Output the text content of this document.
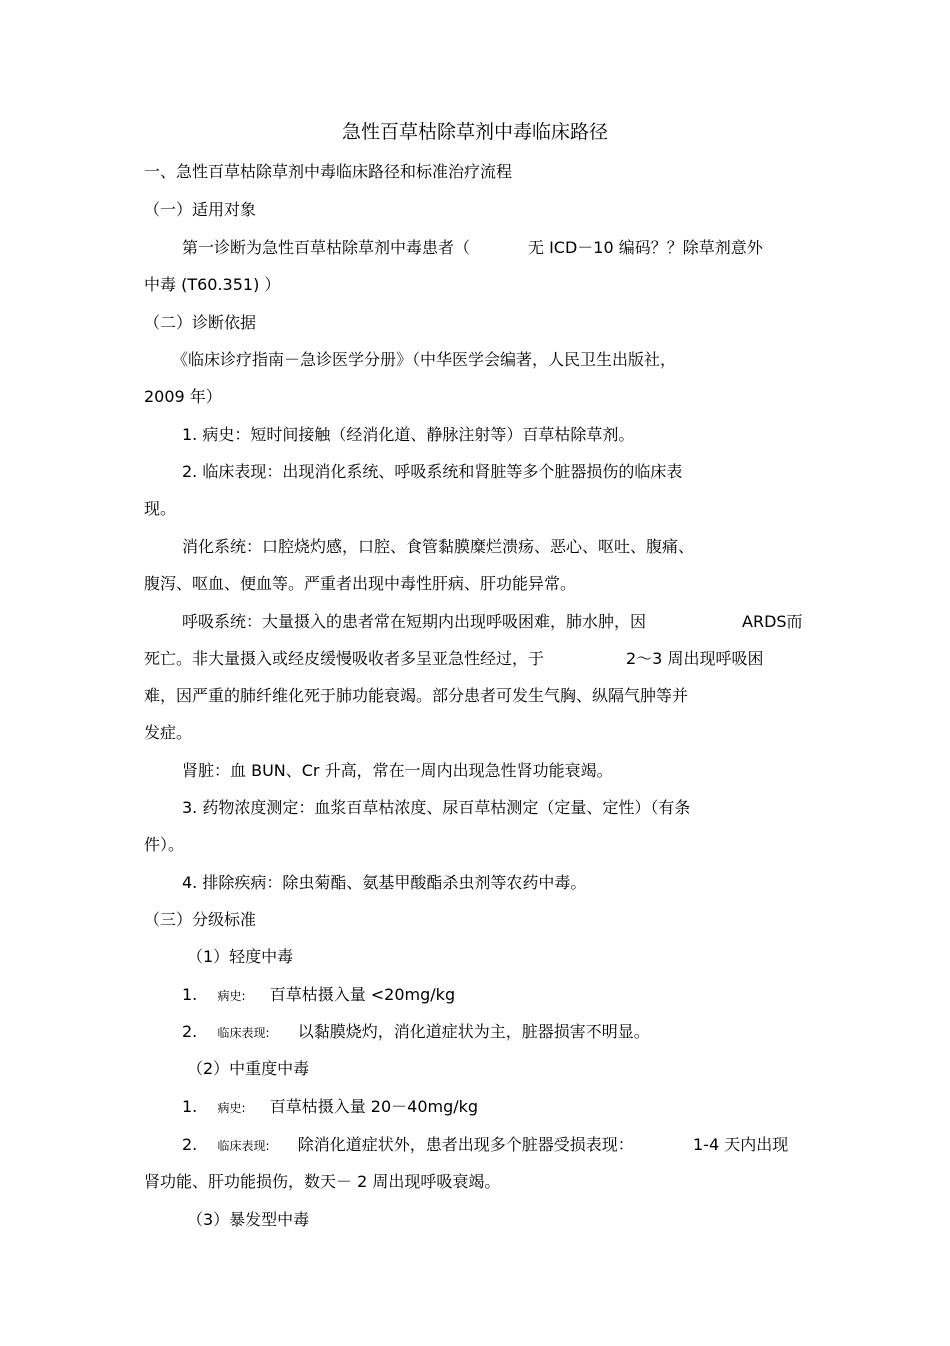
急性百草枯除草剂中毒临床路径
一、急性百草枯除草剂中毒临床路径和标准治疗流程
（一）适用对象
第一诊断为急性百草枯除草剂中毒患者（	无 ICD－10 编码？？除草剂意外
中毒 (T60.351) ）
（二）诊断依据
《临床诊疗指南－急诊医学分册》（中华医学会编著，人民卫生出版社，
2009 年）
1. 病史：短时间接触（经消化道、静脉注射等）百草枯除草剂。
2. 临床表现：出现消化系统、呼吸系统和肾脏等多个脏器损伤的临床表
现。
消化系统：口腔烧灼感，口腔、食管黏膜糜烂溃疡、恶心、呕吐、腹痛、
腹泻、呕血、便血等。严重者出现中毒性肝病、肝功能异常。
呼吸系统：大量摄入的患者常在短期内出现呼吸困难，肺水肿，因	ARDS而
死亡。非大量摄入或经皮缓慢吸收者多呈亚急性经过，于	2～3 周出现呼吸困
难，因严重的肺纤维化死于肺功能衰竭。部分患者可发生气胸、纵隔气肿等并
发症。
肾脏：血 BUN、Cr 升高，常在一周内出现急性肾功能衰竭。
3. 药物浓度测定：血浆百草枯浓度、尿百草枯测定（定量、定性）（有条
件）。
4. 排除疾病：除虫菊酯、氨基甲酸酯杀虫剂等农药中毒。
（三）分级标准
（1）轻度中毒
1. 病史: 百草枯摄入量 <20mg∕kg
2. 临床表现: 以黏膜烧灼，消化道症状为主，脏器损害不明显。
（2）中重度中毒
1. 病史: 百草枯摄入量 20－40mg∕kg
2. 临床表现: 除消化道症状外，患者出现多个脏器受损表现：	1-4 天内出现
肾功能、肝功能损伤，数天－ 2 周出现呼吸衰竭。
（3）暴发型中毒
